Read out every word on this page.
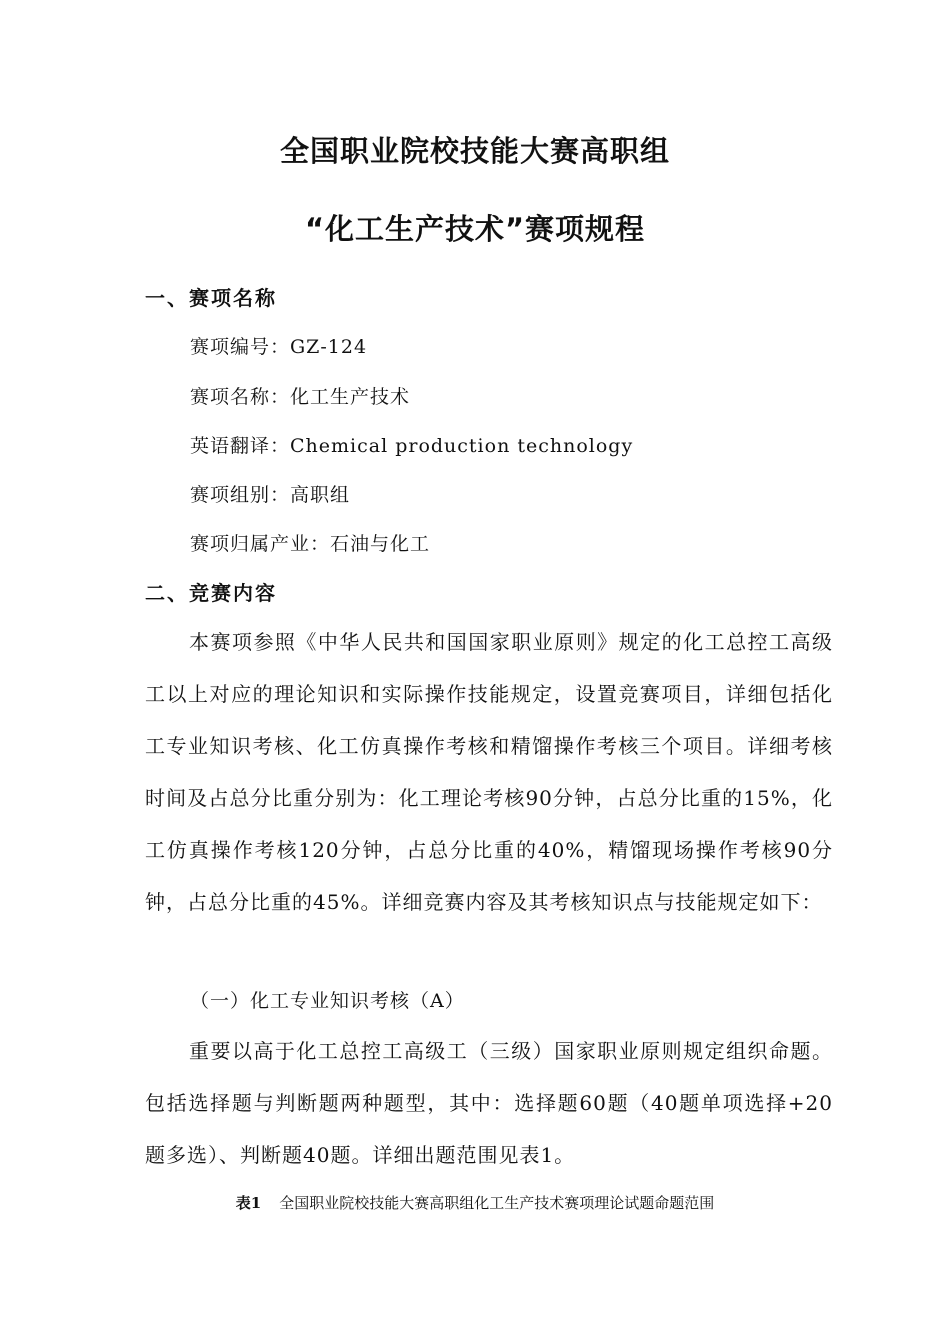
全国职业院校技能大赛高职组
“化工生产技术”赛项规程
一、赛项名称
赛项编号：GZ-124
赛项名称：化工生产技术
英语翻译：Chemical production technology
赛项组别：高职组
赛项归属产业：石油与化工
二、竞赛内容
本赛项参照《中华人民共和国国家职业原则》规定的化工总控工高级工以上对应的理论知识和实际操作技能规定，设置竞赛项目，详细包括化工专业知识考核、化工仿真操作考核和精馏操作考核三个项目。详细考核时间及占总分比重分别为：化工理论考核90分钟，占总分比重的15%，化工仿真操作考核120分钟，占总分比重的40%，精馏现场操作考核90分钟，占总分比重的45%。详细竞赛内容及其考核知识点与技能规定如下：
（一）化工专业知识考核（A）
重要以高于化工总控工高级工（三级）国家职业原则规定组织命题。包括选择题与判断题两种题型，其中：选择题60题（40题单项选择+20题多选）、判断题40题。详细出题范围见表1。
表1 全国职业院校技能大赛高职组化工生产技术赛项理论试题命题范围
